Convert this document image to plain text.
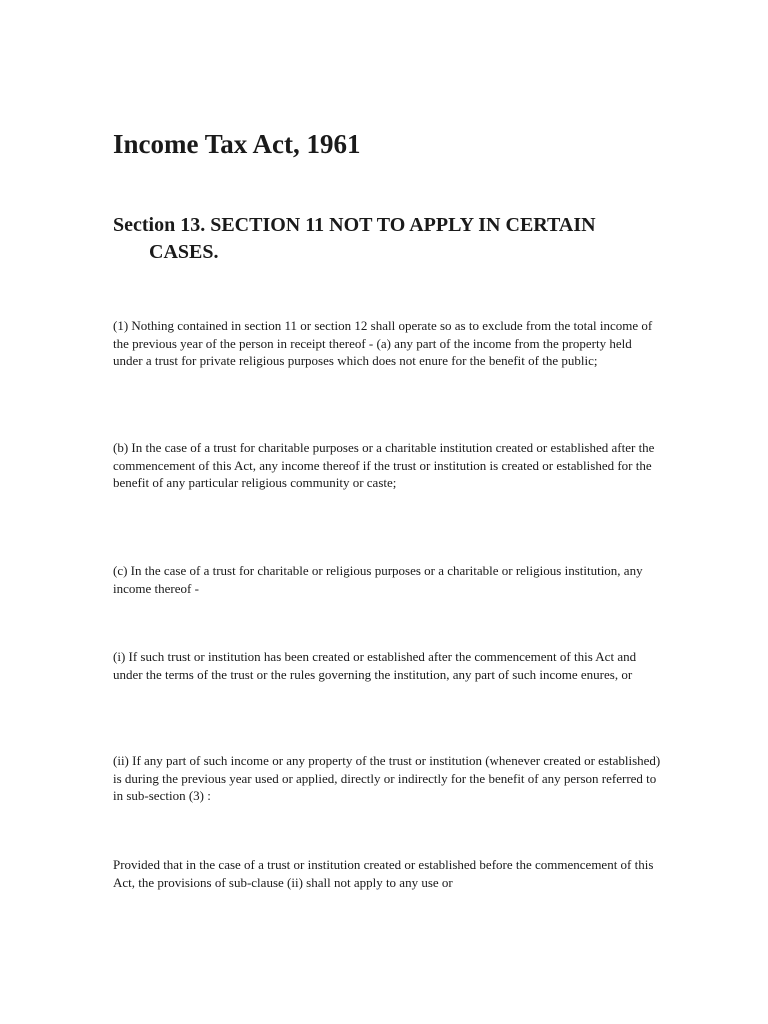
Income Tax Act, 1961
Section 13. SECTION 11 NOT TO APPLY IN CERTAIN CASES.

(1) Nothing contained in section 11 or section 12 shall operate so as to exclude from the total income of the previous year of the person in receipt thereof - (a) any part of the income from the property held under a trust for private religious purposes which does not enure for the benefit of the public;

(b) In the case of a trust for charitable purposes or a charitable institution created or established after the commencement of this Act, any income thereof if the trust or institution is created or established for the benefit of any particular religious community or caste;

(c) In the case of a trust for charitable or religious purposes or a charitable or religious institution, any income thereof -

(i) If such trust or institution has been created or established after the commencement of this Act and under the terms of the trust or the rules governing the institution, any part of such income enures, or

(ii) If any part of such income or any property of the trust or institution (whenever created or established) is during the previous year used or applied, directly or indirectly for the benefit of any person referred to in sub-section (3) :

Provided that in the case of a trust or institution created or established before the commencement of this Act, the provisions of sub-clause (ii) shall not apply to any use or
